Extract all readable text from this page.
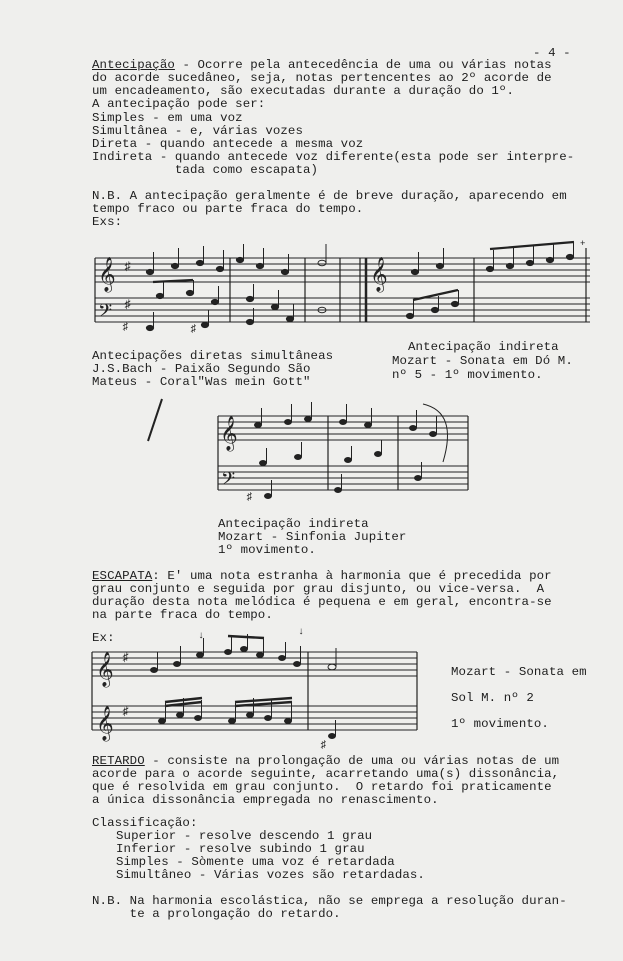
- 4 -
Antecipação - Ocorre pela antecedência de uma ou várias notas
do acorde sucedâneo, seja, notas pertencentes ao 2º acorde de
um encadeamento, são executadas durante a duração do 1º.
A antecipação pode ser:
Simples - em uma voz
Simultânea - e, várias vozes
Direta - quando antecede a mesma voz
Indireta - quando antecede voz diferente(esta pode ser interpre-
tada como escapata)
N.B. A antecipação geralmente é de breve duração, aparecendo em
tempo fraco ou parte fraca do tempo.
Exs:
𝄞
𝄢
♯
♯
𝄞
♯	♯
+
Antecipações diretas simultâneas
J.S.Bach - Paixão Segundo São
Mateus - Coral"Was mein Gott"
Antecipação indireta
Mozart - Sonata em Dó M.
nº 5 - 1º movimento.
𝄞
𝄢
♯
Antecipação indireta
Mozart - Sinfonia Jupiter
1º movimento.
ESCAPATA: E' uma nota estranha à harmonia que é precedida por
grau conjunto e seguida por grau disjunto, ou vice-versa.  A
duração desta nota melódica é pequena e em geral, encontra-se
na parte fraca do tempo.
Ex:
𝄞
𝄞
♯
♯
♯
↓	↓
Mozart - Sonata em
Sol M. nº 2
1º movimento.
RETARDO - consiste na prolongação de uma ou várias notas de um
acorde para o acorde seguinte, acarretando uma(s) dissonância,
que é resolvida em grau conjunto.  O retardo foi praticamente
a única dissonância empregada no renascimento.
Classificação:
Superior - resolve descendo 1 grau
Inferior - resolve subindo 1 grau
Simples - Sòmente uma voz é retardada
Simultâneo - Várias vozes são retardadas.
N.B. Na harmonia escolástica, não se emprega a resolução duran-
te a prolongação do retardo.
